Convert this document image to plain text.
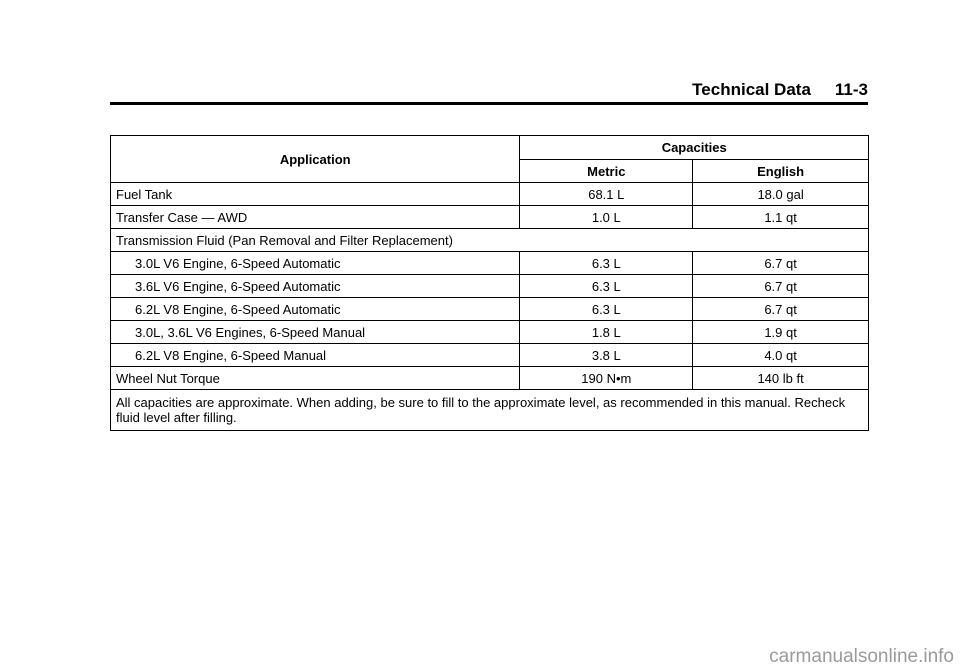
Technical Data 11-3
Application	Capacities	
	Metric	English
Fuel Tank	68.1 L	18.0 gal
Transfer Case — AWD	1.0 L	1.1 qt
Transmission Fluid (Pan Removal and Filter Replacement)		
3.0L V6 Engine, 6-Speed Automatic	6.3 L	6.7 qt
3.6L V6 Engine, 6-Speed Automatic	6.3 L	6.7 qt
6.2L V8 Engine, 6-Speed Automatic	6.3 L	6.7 qt
3.0L, 3.6L V6 Engines, 6-Speed Manual	1.8 L	1.9 qt
6.2L V8 Engine, 6-Speed Manual	3.8 L	4.0 qt
Wheel Nut Torque	190 N•m	140 lb ft
All capacities are approximate. When adding, be sure to fill to the approximate level, as recommended in this manual. Recheck fluid level after filling.		
carmanualsonline.info
